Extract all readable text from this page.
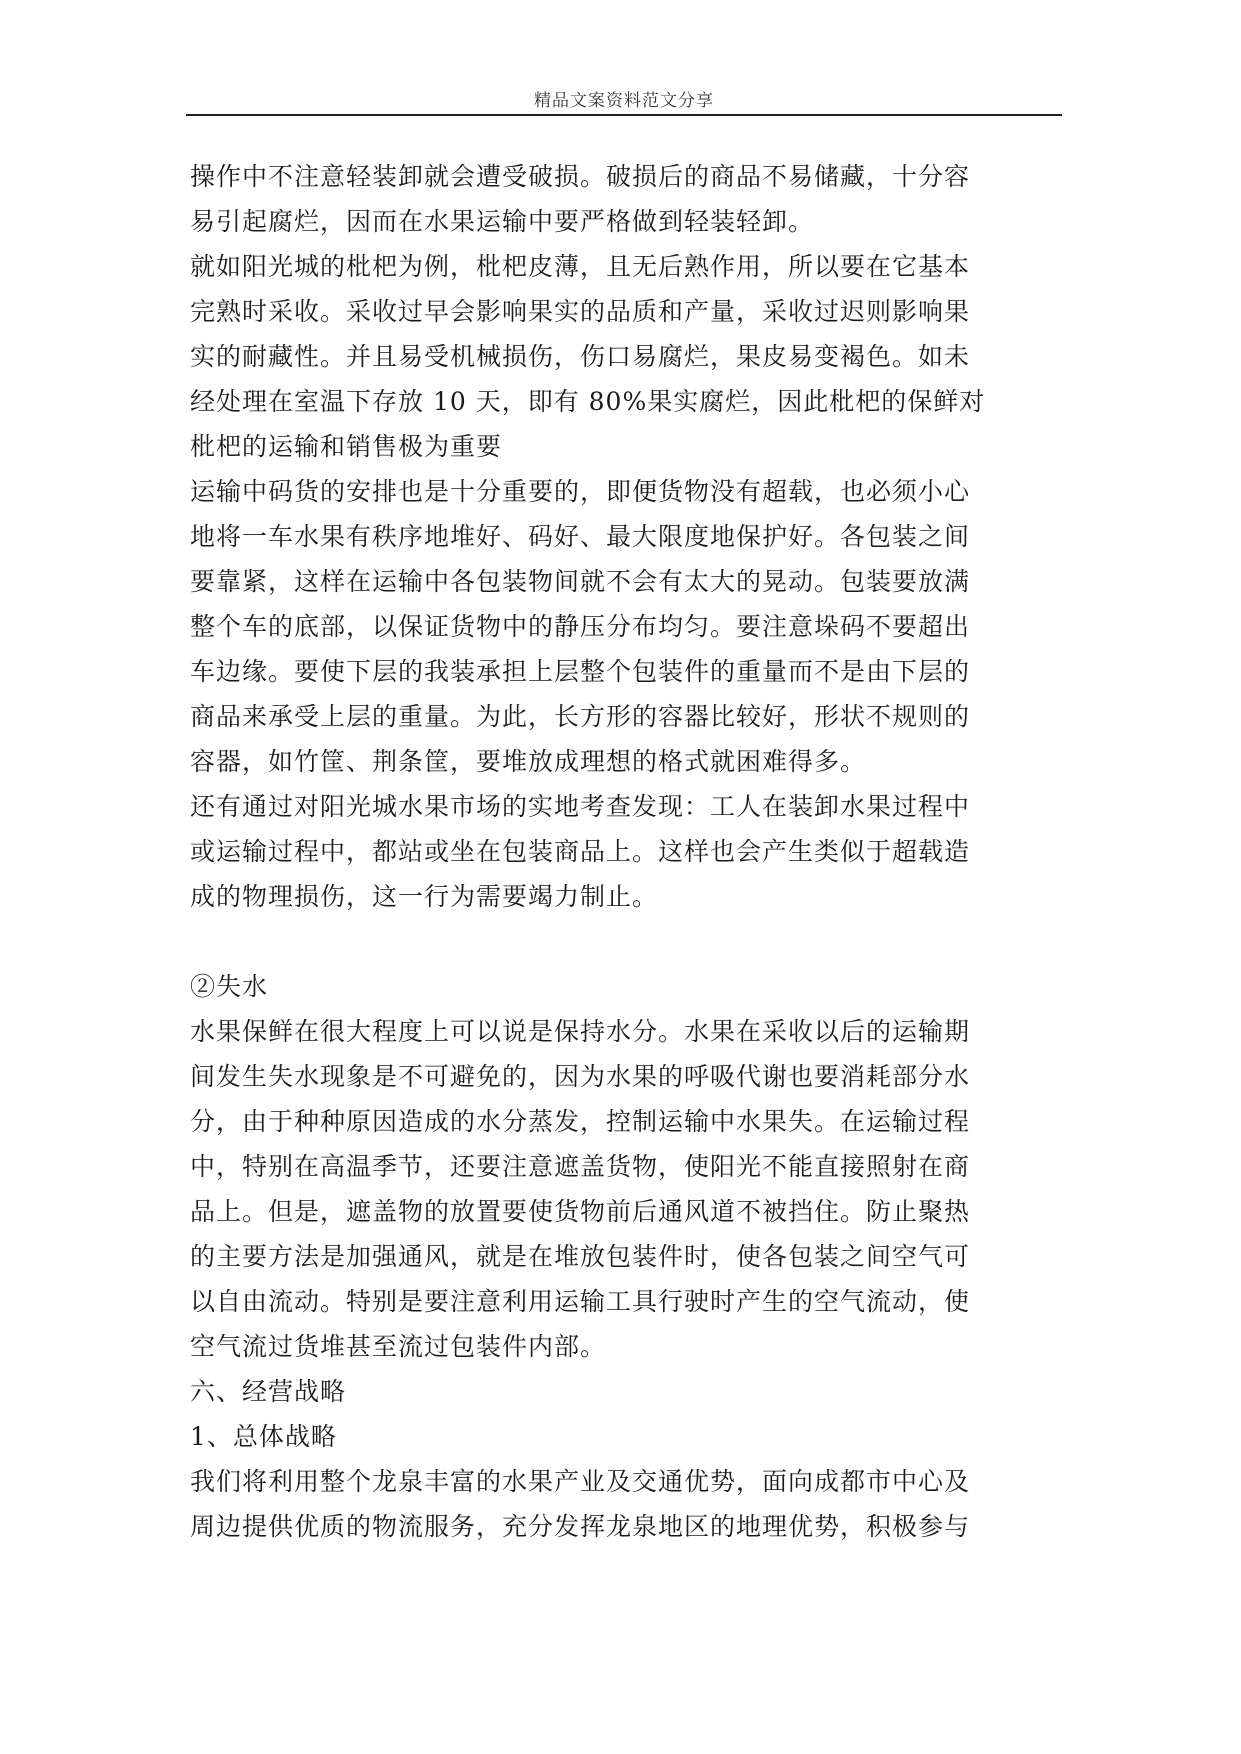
精品文案资料范文分享
操作中不注意轻装卸就会遭受破损。破损后的商品不易储藏，十分容
易引起腐烂，因而在水果运输中要严格做到轻装轻卸。
就如阳光城的枇杷为例，枇杷皮薄，且无后熟作用，所以要在它基本
完熟时采收。采收过早会影响果实的品质和产量，采收过迟则影响果
实的耐藏性。并且易受机械损伤，伤口易腐烂，果皮易变褐色。如未
经处理在室温下存放 10 天，即有 80%果实腐烂，因此枇杷的保鲜对
枇杷的运输和销售极为重要
运输中码货的安排也是十分重要的，即便货物没有超载，也必须小心
地将一车水果有秩序地堆好、码好、最大限度地保护好。各包装之间
要靠紧，这样在运输中各包装物间就不会有太大的晃动。包装要放满
整个车的底部，以保证货物中的静压分布均匀。要注意垛码不要超出
车边缘。要使下层的我装承担上层整个包装件的重量而不是由下层的
商品来承受上层的重量。为此，长方形的容器比较好，形状不规则的
容器，如竹筐、荆条筐，要堆放成理想的格式就困难得多。
还有通过对阳光城水果市场的实地考查发现：工人在装卸水果过程中
或运输过程中，都站或坐在包装商品上。这样也会产生类似于超载造
成的物理损伤，这一行为需要竭力制止。
②失水
水果保鲜在很大程度上可以说是保持水分。水果在采收以后的运输期
间发生失水现象是不可避免的，因为水果的呼吸代谢也要消耗部分水
分，由于种种原因造成的水分蒸发，控制运输中水果失。在运输过程
中，特别在高温季节，还要注意遮盖货物，使阳光不能直接照射在商
品上。但是，遮盖物的放置要使货物前后通风道不被挡住。防止聚热
的主要方法是加强通风，就是在堆放包装件时，使各包装之间空气可
以自由流动。特别是要注意利用运输工具行驶时产生的空气流动，使
空气流过货堆甚至流过包装件内部。
六、经营战略
1、总体战略
我们将利用整个龙泉丰富的水果产业及交通优势，面向成都市中心及
周边提供优质的物流服务，充分发挥龙泉地区的地理优势，积极参与
